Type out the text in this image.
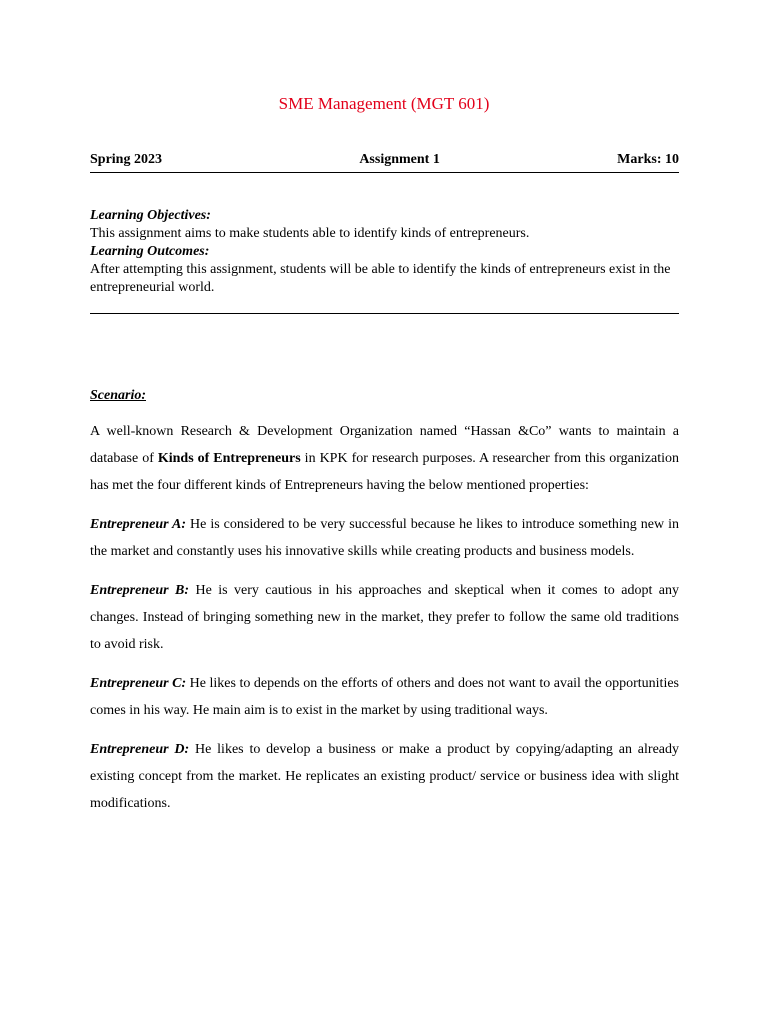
SME Management (MGT 601)
Spring 2023	Assignment 1	Marks: 10
Learning Objectives:
This assignment aims to make students able to identify kinds of entrepreneurs.
Learning Outcomes:
After attempting this assignment, students will be able to identify the kinds of entrepreneurs exist in the entrepreneurial world.
Scenario:

A well-known Research & Development Organization named “Hassan &Co” wants to maintain a database of Kinds of Entrepreneurs in KPK for research purposes. A researcher from this organization has met the four different kinds of Entrepreneurs having the below mentioned properties:

Entrepreneur A: He is considered to be very successful because he likes to introduce something new in the market and constantly uses his innovative skills while creating products and business models.

Entrepreneur B: He is very cautious in his approaches and skeptical when it comes to adopt any changes. Instead of bringing something new in the market, they prefer to follow the same old traditions to avoid risk.

Entrepreneur C: He likes to depends on the efforts of others and does not want to avail the opportunities comes in his way. He main aim is to exist in the market by using traditional ways.

Entrepreneur D: He likes to develop a business or make a product by copying/adapting an already existing concept from the market. He replicates an existing product/ service or business idea with slight modifications.
